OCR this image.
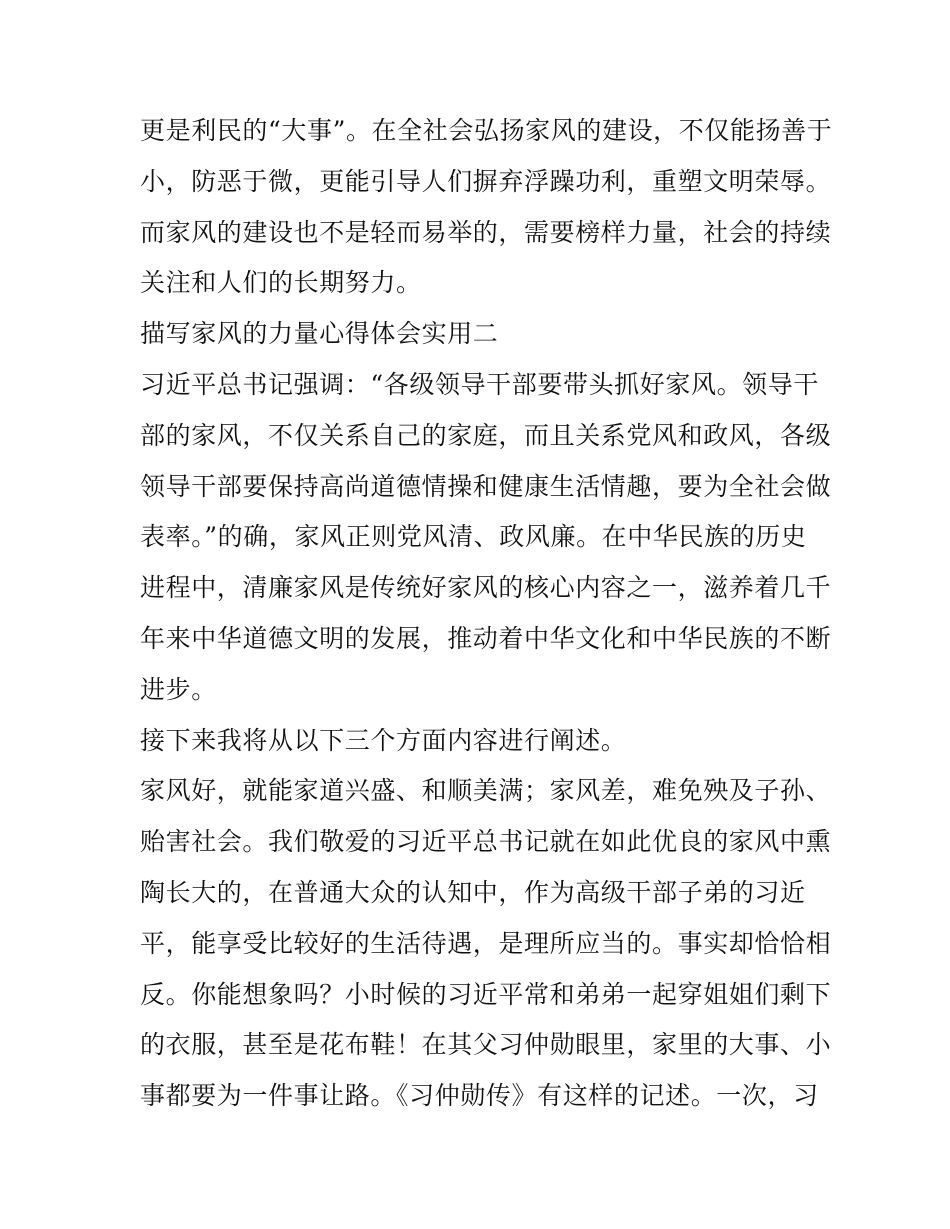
更是利民的“大事”。在全社会弘扬家风的建设，不仅能扬善于
小，防恶于微，更能引导人们摒弃浮躁功利，重塑文明荣辱。
而家风的建设也不是轻而易举的，需要榜样力量，社会的持续
关注和人们的长期努力。
描写家风的力量心得体会实用二
习近平总书记强调：“各级领导干部要带头抓好家风。领导干
部的家风，不仅关系自己的家庭，而且关系党风和政风，各级
领导干部要保持高尚道德情操和健康生活情趣，要为全社会做
表率。”的确，家风正则党风清、政风廉。在中华民族的历史
进程中，清廉家风是传统好家风的核心内容之一，滋养着几千
年来中华道德文明的发展，推动着中华文化和中华民族的不断
进步。
接下来我将从以下三个方面内容进行阐述。
家风好，就能家道兴盛、和顺美满；家风差，难免殃及子孙、
贻害社会。我们敬爱的习近平总书记就在如此优良的家风中熏
陶长大的，在普通大众的认知中，作为高级干部子弟的习近
平，能享受比较好的生活待遇，是理所应当的。事实却恰恰相
反。你能想象吗？小时候的习近平常和弟弟一起穿姐姐们剩下
的衣服，甚至是花布鞋！在其父习仲勋眼里，家里的大事、小
事都要为一件事让路。《习仲勋传》有这样的记述。一次，习
